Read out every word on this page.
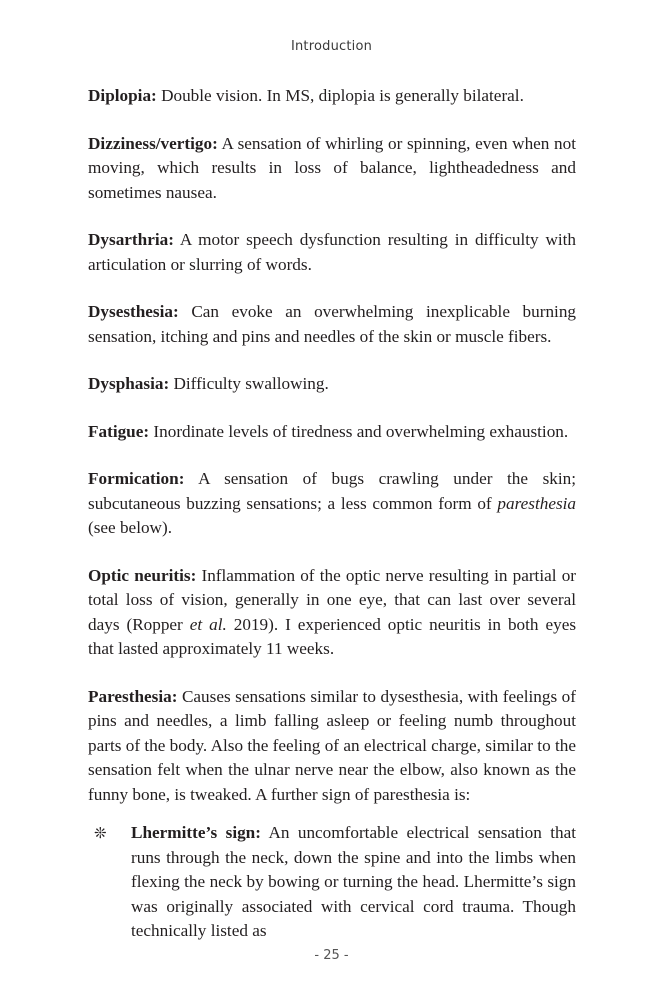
Introduction

Diplopia: Double vision. In MS, diplopia is generally bilateral.

Dizziness/vertigo: A sensation of whirling or spinning, even when not moving, which results in loss of balance, lightheadedness and sometimes nausea.

Dysarthria: A motor speech dysfunction resulting in difficulty with articulation or slurring of words.

Dysesthesia: Can evoke an overwhelming inexplicable burning sensation, itching and pins and needles of the skin or muscle fibers.

Dysphasia: Difficulty swallowing.

Fatigue: Inordinate levels of tiredness and overwhelming exhaustion.

Formication: A sensation of bugs crawling under the skin; subcutaneous buzzing sensations; a less common form of paresthesia (see below).

Optic neuritis: Inflammation of the optic nerve resulting in partial or total loss of vision, generally in one eye, that can last over several days (Ropper et al. 2019). I experienced optic neuritis in both eyes that lasted approximately 11 weeks.

Paresthesia: Causes sensations similar to dysesthesia, with feelings of pins and needles, a limb falling asleep or feeling numb throughout parts of the body. Also the feeling of an electrical charge, similar to the sensation felt when the ulnar nerve near the elbow, also known as the funny bone, is tweaked. A further sign of paresthesia is:

❊ Lhermitte’s sign: An uncomfortable electrical sensation that runs through the neck, down the spine and into the limbs when flexing the neck by bowing or turning the head. Lhermitte’s sign was originally associated with cervical cord trauma. Though technically listed as
- 25 -
